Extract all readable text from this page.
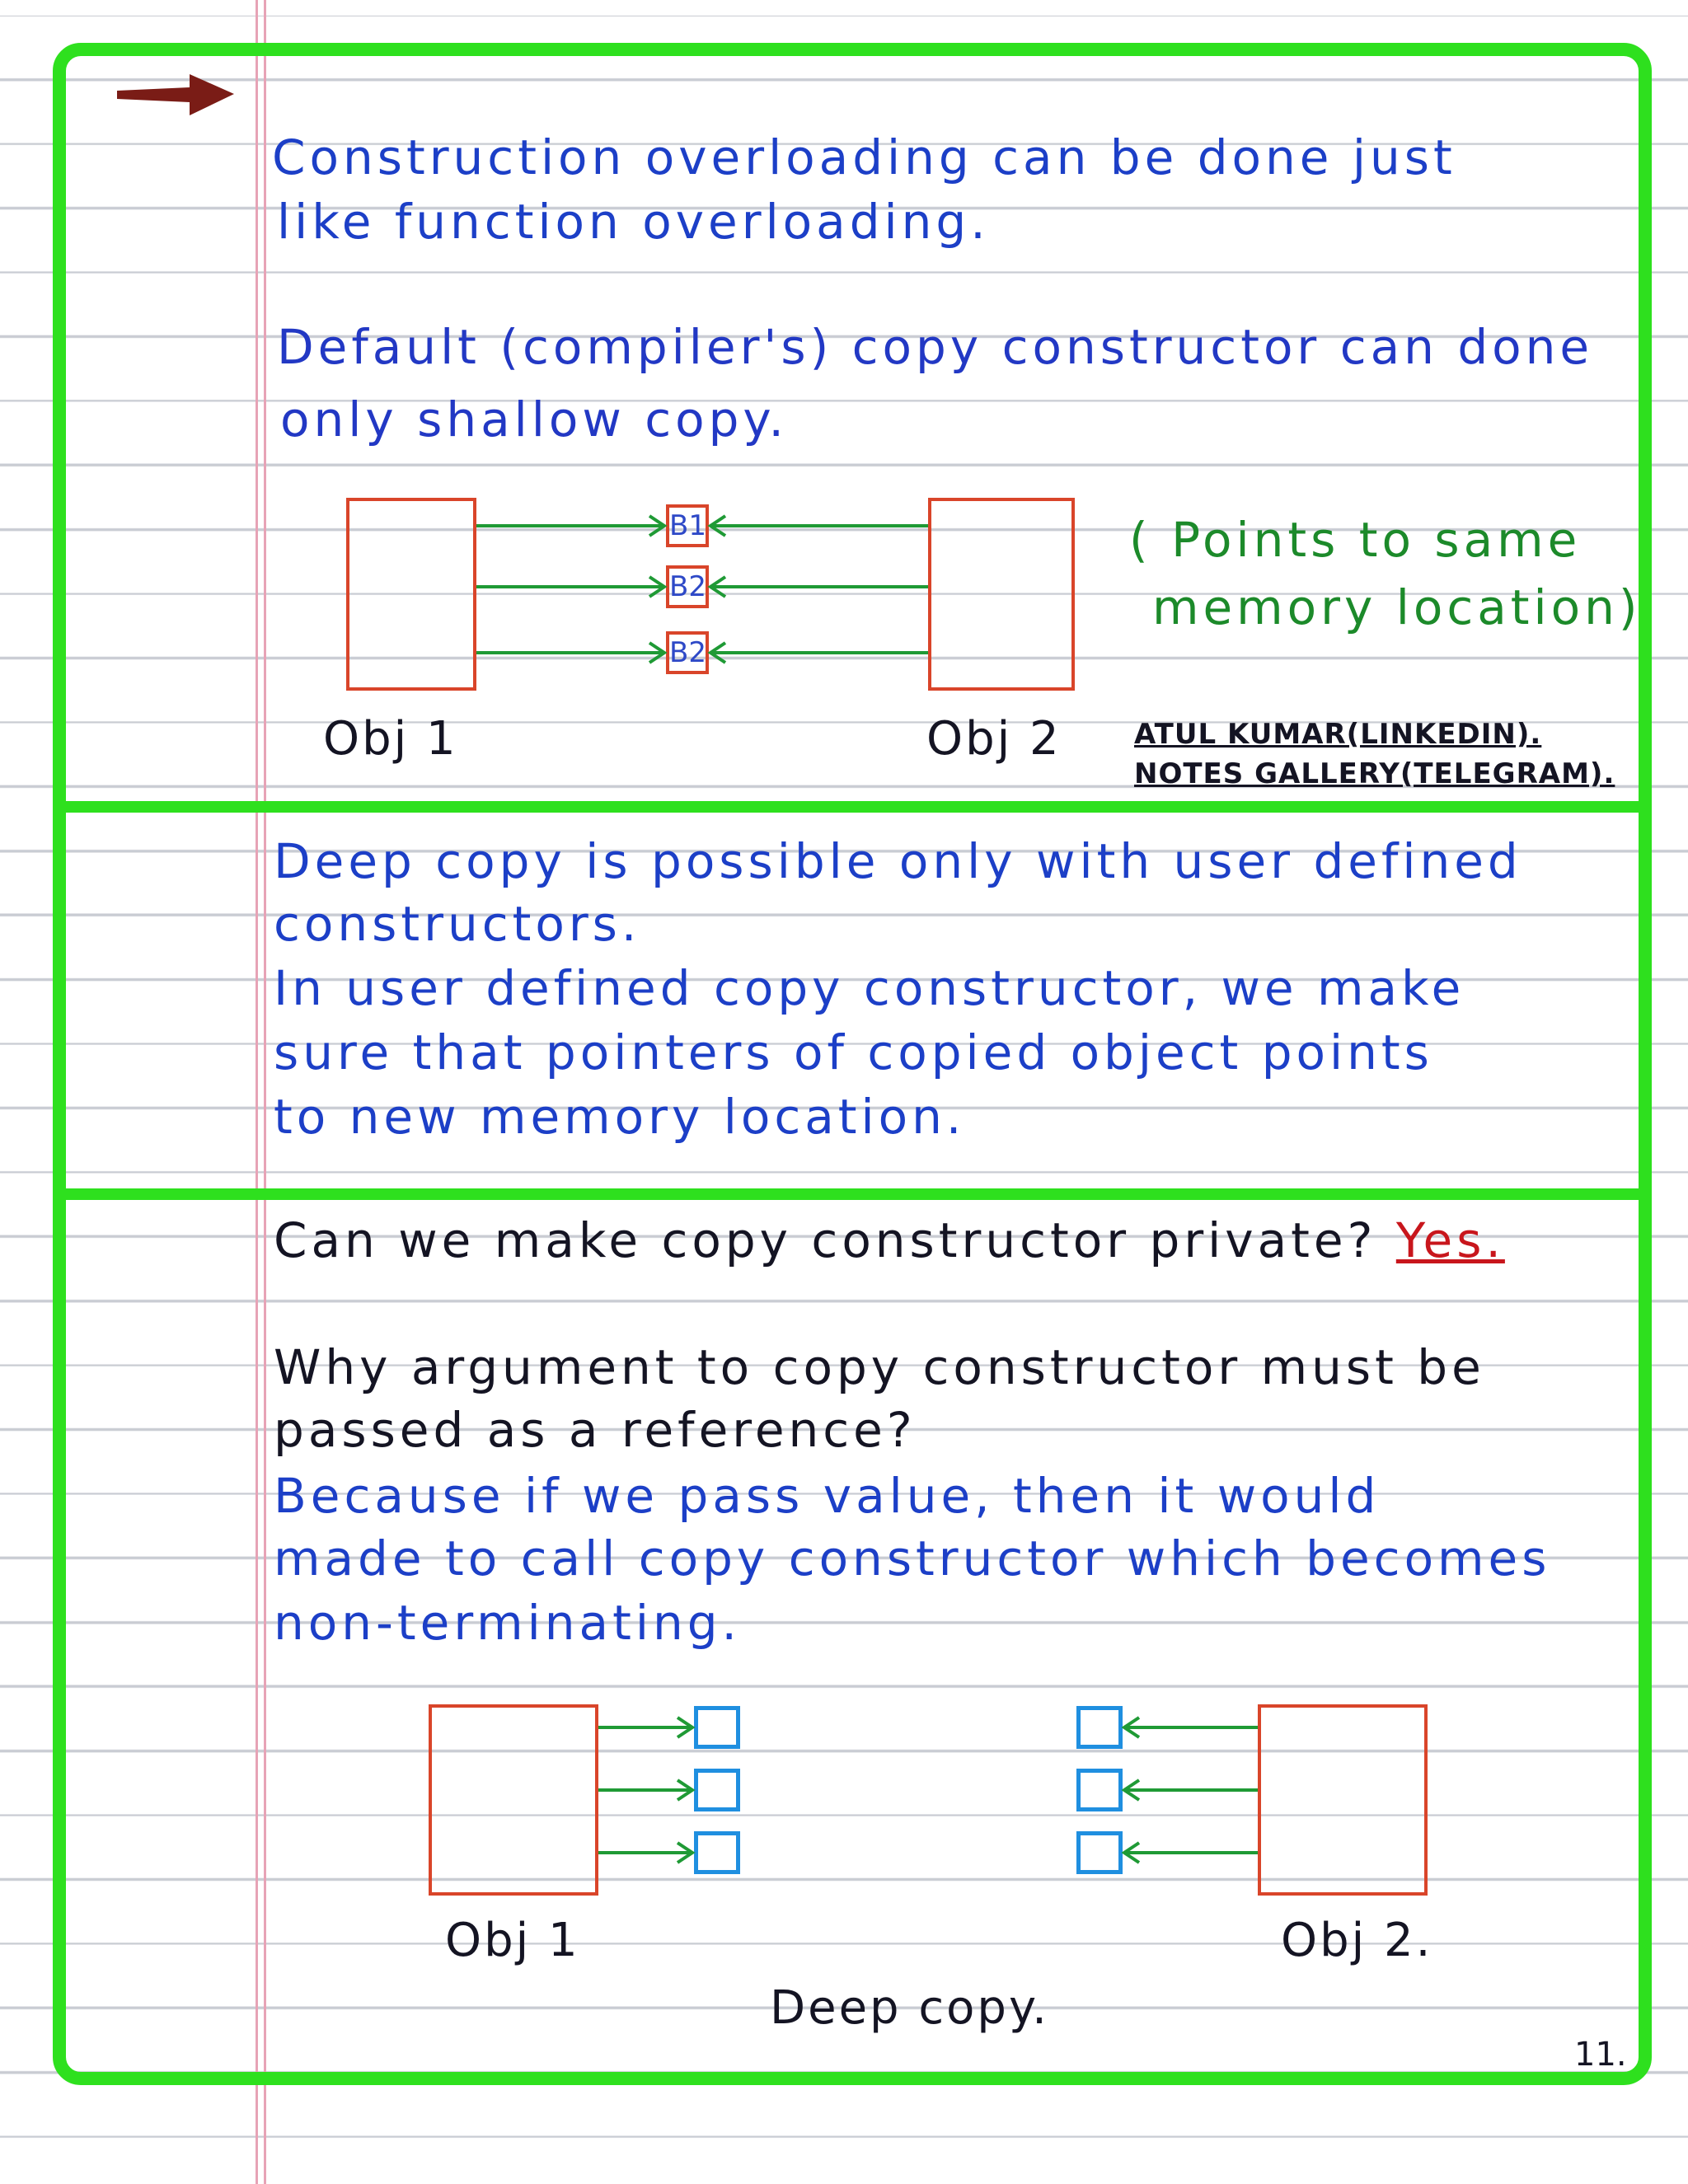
Construction overloading can be done just
like function overloading.
Default (compiler's) copy constructor can done
only shallow copy.
B1
B2
B2
Obj 1	Obj 2
( Points to same
memory location)
ATUL KUMAR(LINKEDIN).
NOTES GALLERY(TELEGRAM).
Deep copy is possible only with user defined
constructors.
In user defined copy constructor, we make
sure that pointers of copied object points
to new memory location.
Can we make copy constructor private? Yes.
Why argument to copy constructor must be
passed as a reference?
Because if we pass value, then it would
made to call copy constructor which becomes
non-terminating.
Obj 1	Obj 2.
Deep copy.
11.
